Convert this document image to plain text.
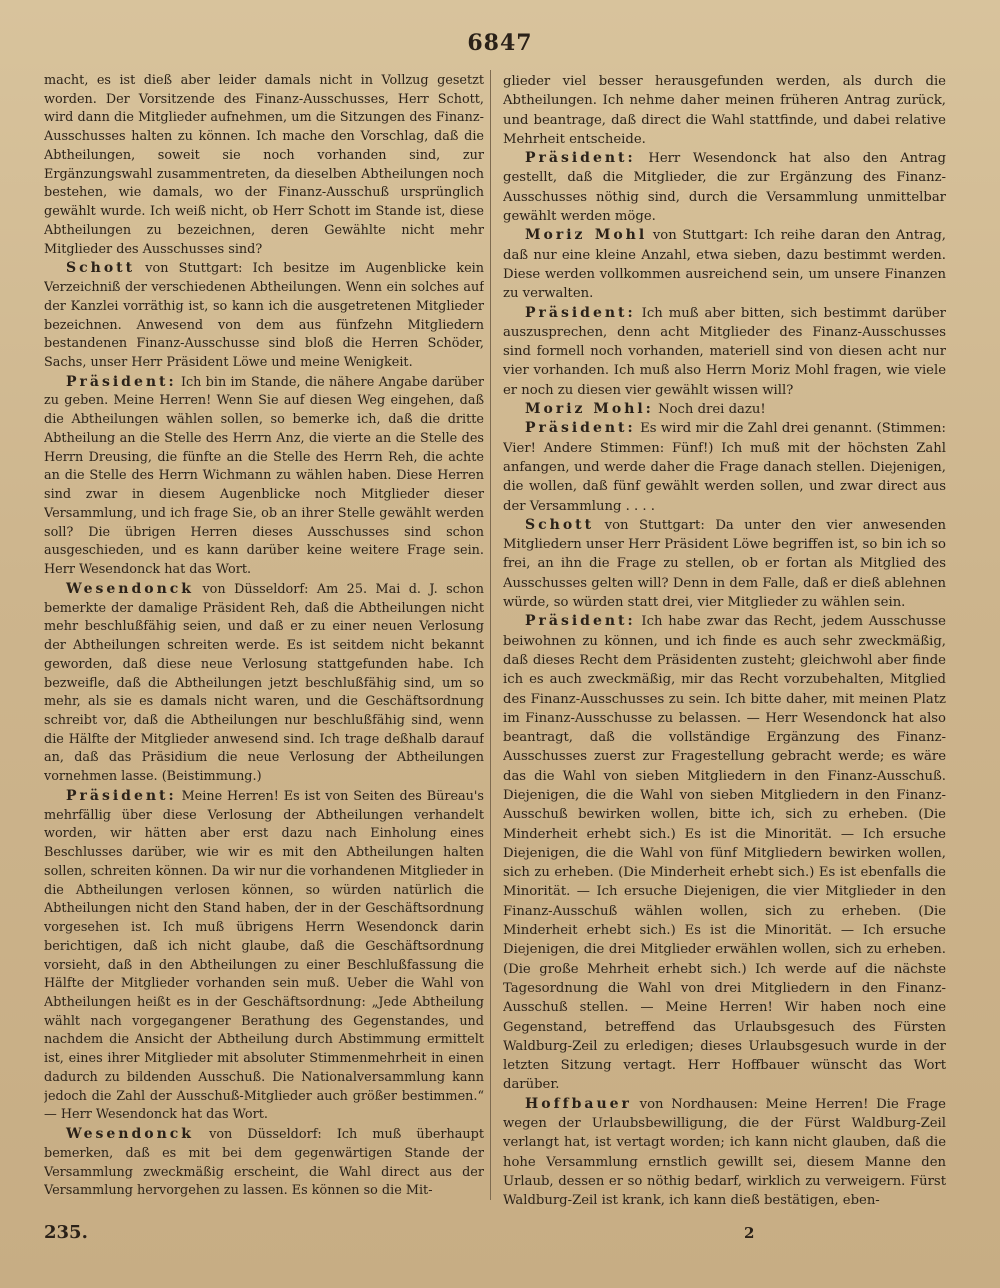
6847

macht, es ist dieß aber leider damals nicht in Vollzug gesetzt worden. Der Vorsitzende des Finanz-Ausschusses, Herr Schott, wird dann die Mitglieder aufnehmen, um die Sitzungen des Finanz-Ausschusses halten zu können. Ich mache den Vorschlag, daß die Abtheilungen, soweit sie noch vorhanden sind, zur Ergänzungswahl zusammentreten, da dieselben Abtheilungen noch bestehen, wie damals, wo der Finanz-Ausschuß ursprünglich gewählt wurde. Ich weiß nicht, ob Herr Schott im Stande ist, diese Abtheilungen zu bezeichnen, deren Gewählte nicht mehr Mitglieder des Ausschusses sind?

Schott von Stuttgart: Ich besitze im Augenblicke kein Verzeichniß der verschiedenen Abtheilungen. Wenn ein solches auf der Kanzlei vorräthig ist, so kann ich die ausgetretenen Mitglieder bezeichnen. Anwesend von dem aus fünfzehn Mitgliedern bestandenen Finanz-Ausschusse sind bloß die Herren Schöder, Sachs, unser Herr Präsident Löwe und meine Wenigkeit.

Präsident: Ich bin im Stande, die nähere Angabe darüber zu geben. Meine Herren! Wenn Sie auf diesen Weg eingehen, daß die Abtheilungen wählen sollen, so bemerke ich, daß die dritte Abtheilung an die Stelle des Herrn Anz, die vierte an die Stelle des Herrn Dreusing, die fünfte an die Stelle des Herrn Reh, die achte an die Stelle des Herrn Wichmann zu wählen haben. Diese Herren sind zwar in diesem Augenblicke noch Mitglieder dieser Versammlung, und ich frage Sie, ob an ihrer Stelle gewählt werden soll? Die übrigen Herren dieses Ausschusses sind schon ausgeschieden, und es kann darüber keine weitere Frage sein. Herr Wesendonck hat das Wort.

Wesendonck von Düsseldorf: Am 25. Mai d. J. schon bemerkte der damalige Präsident Reh, daß die Abtheilungen nicht mehr beschlußfähig seien, und daß er zu einer neuen Verlosung der Abtheilungen schreiten werde. Es ist seitdem nicht bekannt geworden, daß diese neue Verlosung stattgefunden habe. Ich bezweifle, daß die Abtheilungen jetzt beschlußfähig sind, um so mehr, als sie es damals nicht waren, und die Geschäftsordnung schreibt vor, daß die Abtheilungen nur beschlußfähig sind, wenn die Hälfte der Mitglieder anwesend sind. Ich trage deßhalb darauf an, daß das Präsidium die neue Verlosung der Abtheilungen vornehmen lasse. (Beistimmung.)

Präsident: Meine Herren! Es ist von Seiten des Büreau's mehrfällig über diese Verlosung der Abtheilungen verhandelt worden, wir hätten aber erst dazu nach Einholung eines Beschlusses darüber, wie wir es mit den Abtheilungen halten sollen, schreiten können. Da wir nur die vorhandenen Mitglieder in die Abtheilungen verlosen können, so würden natürlich die Abtheilungen nicht den Stand haben, der in der Geschäftsordnung vorgesehen ist. Ich muß übrigens Herrn Wesendonck darin berichtigen, daß ich nicht glaube, daß die Geschäftsordnung vorsieht, daß in den Abtheilungen zu einer Beschlußfassung die Hälfte der Mitglieder vorhanden sein muß. Ueber die Wahl von Abtheilungen heißt es in der Geschäftsordnung: „Jede Abtheilung wählt nach vorgegangener Berathung des Gegenstandes, und nachdem die Ansicht der Abtheilung durch Abstimmung ermittelt ist, eines ihrer Mitglieder mit absoluter Stimmenmehrheit in einen dadurch zu bildenden Ausschuß. Die Nationalversammlung kann jedoch die Zahl der Ausschuß-Mitglieder auch größer bestimmen.“ — Herr Wesendonck hat das Wort.

Wesendonck von Düsseldorf: Ich muß überhaupt bemerken, daß es mit bei dem gegenwärtigen Stande der Versammlung zweckmäßig erscheint, die Wahl direct aus der Versammlung hervorgehen zu lassen. Es können so die Mit-

glieder viel besser herausgefunden werden, als durch die Abtheilungen. Ich nehme daher meinen früheren Antrag zurück, und beantrage, daß direct die Wahl stattfinde, und dabei relative Mehrheit entscheide.

Präsident: Herr Wesendonck hat also den Antrag gestellt, daß die Mitglieder, die zur Ergänzung des Finanz-Ausschusses nöthig sind, durch die Versammlung unmittelbar gewählt werden möge.

Moriz Mohl von Stuttgart: Ich reihe daran den Antrag, daß nur eine kleine Anzahl, etwa sieben, dazu bestimmt werden. Diese werden vollkommen ausreichend sein, um unsere Finanzen zu verwalten.

Präsident: Ich muß aber bitten, sich bestimmt darüber auszusprechen, denn acht Mitglieder des Finanz-Ausschusses sind formell noch vorhanden, materiell sind von diesen acht nur vier vorhanden. Ich muß also Herrn Moriz Mohl fragen, wie viele er noch zu diesen vier gewählt wissen will?

Moriz Mohl: Noch drei dazu!

Präsident: Es wird mir die Zahl drei genannt. (Stimmen: Vier! Andere Stimmen: Fünf!) Ich muß mit der höchsten Zahl anfangen, und werde daher die Frage danach stellen. Diejenigen, die wollen, daß fünf gewählt werden sollen, und zwar direct aus der Versammlung . . . .

Schott von Stuttgart: Da unter den vier anwesenden Mitgliedern unser Herr Präsident Löwe begriffen ist, so bin ich so frei, an ihn die Frage zu stellen, ob er fortan als Mitglied des Ausschusses gelten will? Denn in dem Falle, daß er dieß ablehnen würde, so würden statt drei, vier Mitglieder zu wählen sein.

Präsident: Ich habe zwar das Recht, jedem Ausschusse beiwohnen zu können, und ich finde es auch sehr zweckmäßig, daß dieses Recht dem Präsidenten zusteht; gleichwohl aber finde ich es auch zweckmäßig, mir das Recht vorzubehalten, Mitglied des Finanz-Ausschusses zu sein. Ich bitte daher, mit meinen Platz im Finanz-Ausschusse zu belassen. — Herr Wesendonck hat also beantragt, daß die vollständige Ergänzung des Finanz-Ausschusses zuerst zur Fragestellung gebracht werde; es wäre das die Wahl von sieben Mitgliedern in den Finanz-Ausschuß. Diejenigen, die die Wahl von sieben Mitgliedern in den Finanz-Ausschuß bewirken wollen, bitte ich, sich zu erheben. (Die Minderheit erhebt sich.) Es ist die Minorität. — Ich ersuche Diejenigen, die die Wahl von fünf Mitgliedern bewirken wollen, sich zu erheben. (Die Minderheit erhebt sich.) Es ist ebenfalls die Minorität. — Ich ersuche Diejenigen, die vier Mitglieder in den Finanz-Ausschuß wählen wollen, sich zu erheben. (Die Minderheit erhebt sich.) Es ist die Minorität. — Ich ersuche Diejenigen, die drei Mitglieder erwählen wollen, sich zu erheben. (Die große Mehrheit erhebt sich.) Ich werde auf die nächste Tagesordnung die Wahl von drei Mitgliedern in den Finanz-Ausschuß stellen. — Meine Herren! Wir haben noch eine Gegenstand, betreffend das Urlaubsgesuch des Fürsten Waldburg-Zeil zu erledigen; dieses Urlaubsgesuch wurde in der letzten Sitzung vertagt. Herr Hoffbauer wünscht das Wort darüber.

Hoffbauer von Nordhausen: Meine Herren! Die Frage wegen der Urlaubsbewilligung, die der Fürst Waldburg-Zeil verlangt hat, ist vertagt worden; ich kann nicht glauben, daß die hohe Versammlung ernstlich gewillt sei, diesem Manne den Urlaub, dessen er so nöthig bedarf, wirklich zu verweigern. Fürst Waldburg-Zeil ist krank, ich kann dieß bestätigen, eben-

235.	2
